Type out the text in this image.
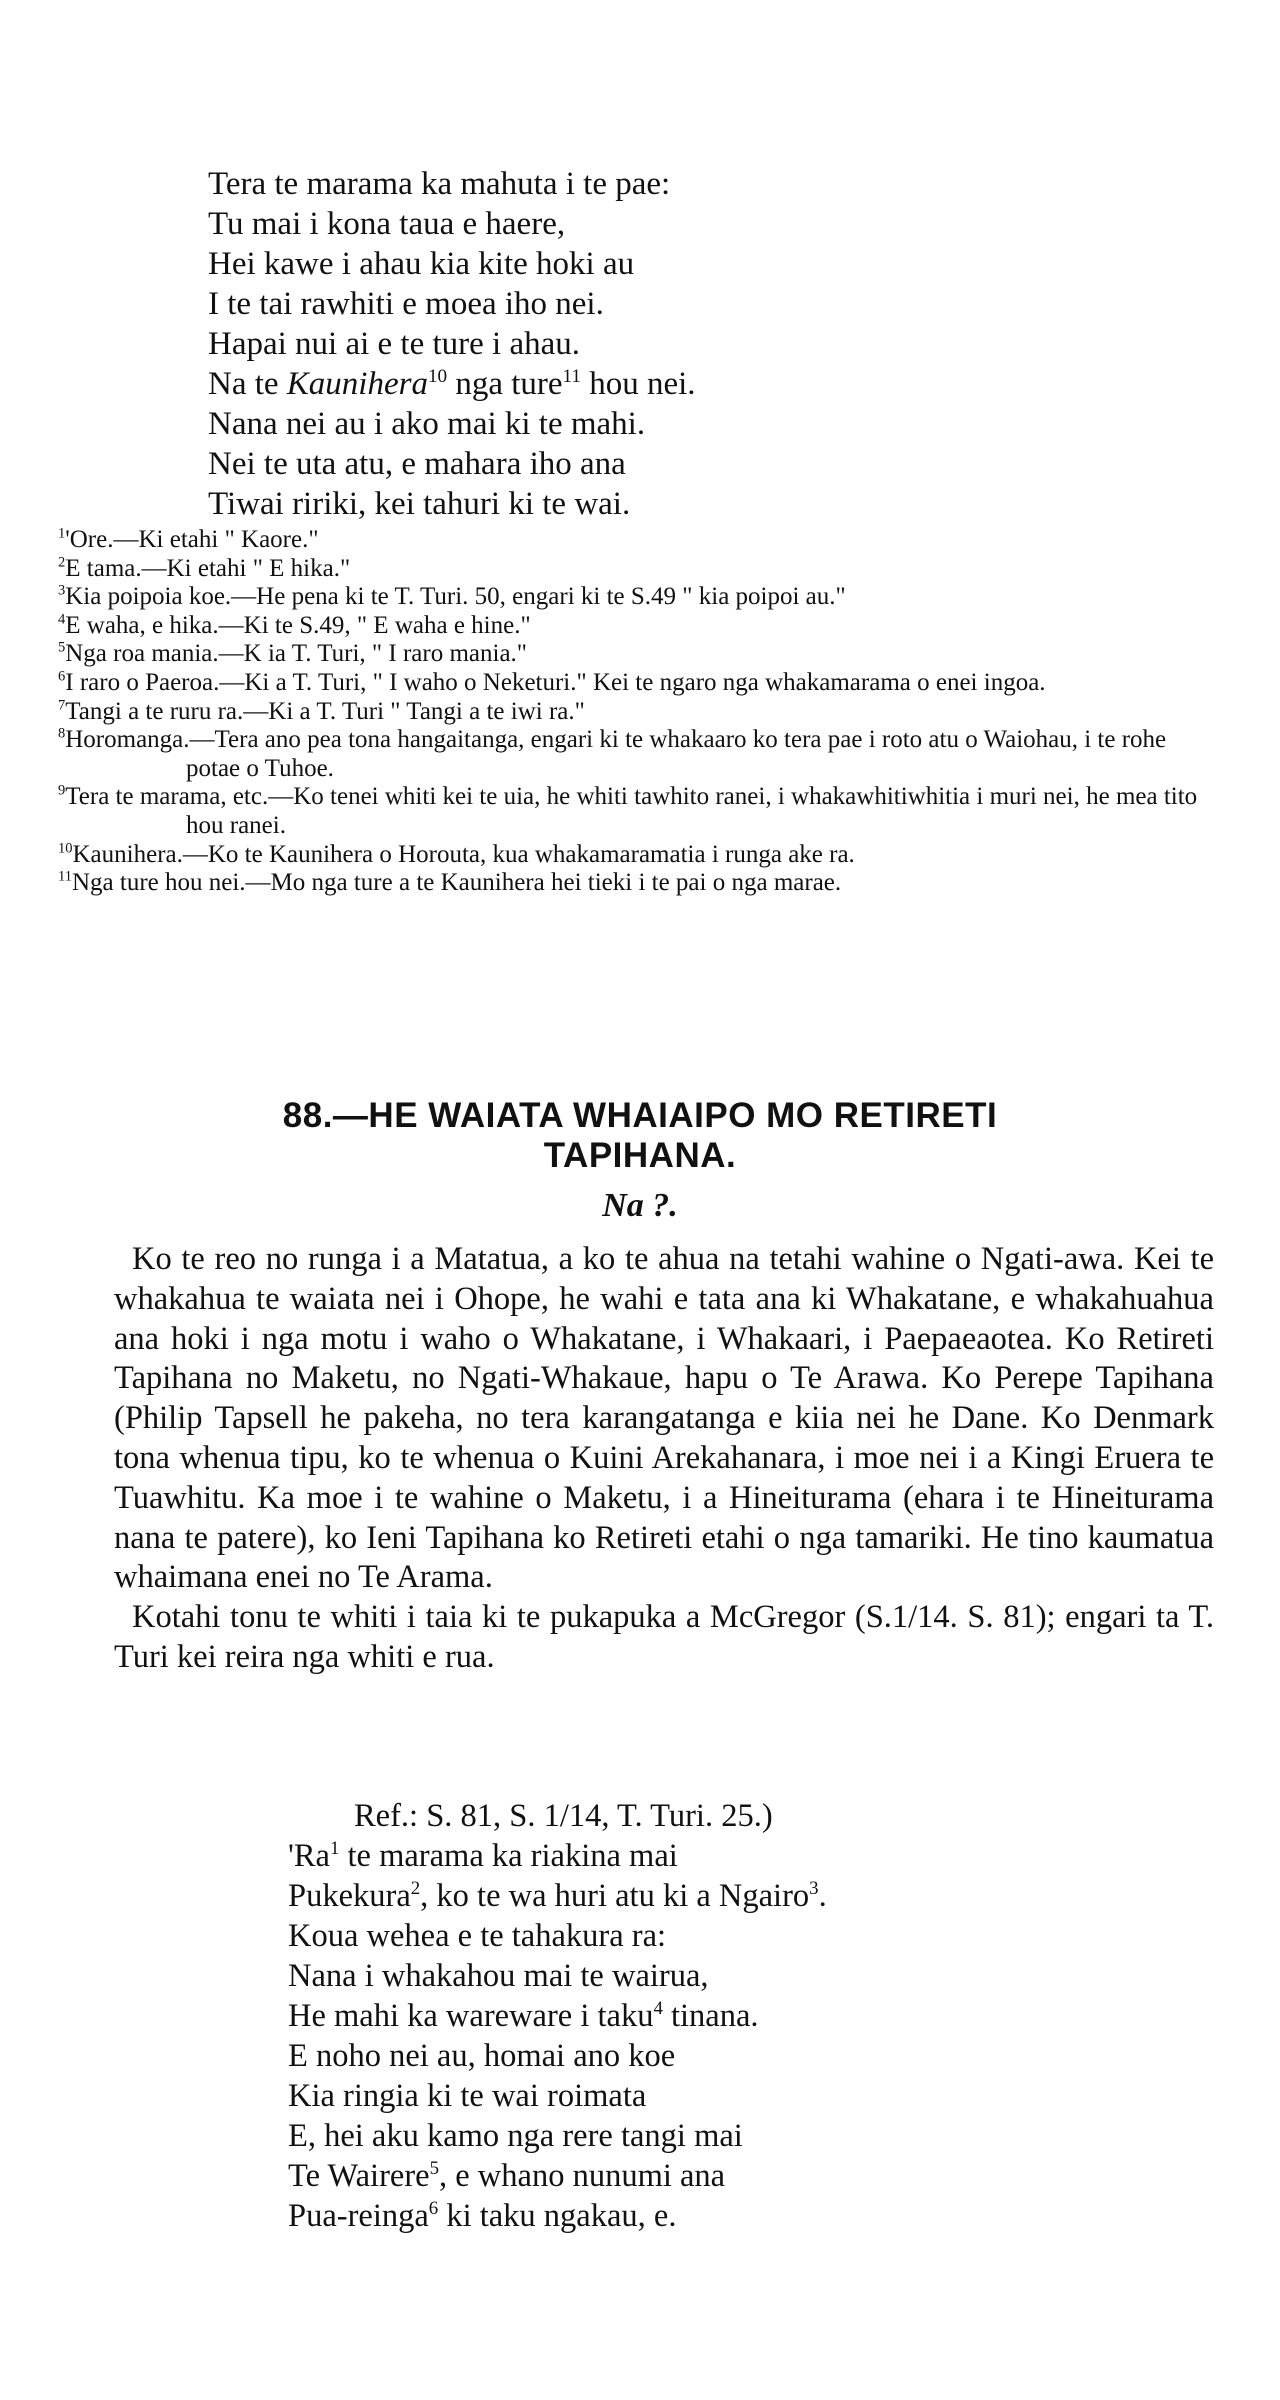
Tera te marama ka mahuta i te pae:
Tu mai i kona taua e haere,
Hei kawe i ahau kia kite hoki au
I te tai rawhiti e moea iho nei.
Hapai nui ai e te ture i ahau.
Na te Kaunihera$^{10}$ nga ture$^{11}$ hou nei.
Nana nei au i ako mai ki te mahi.
Nei te uta atu, e mahara iho ana
Tiwai ririki, kei tahuri ki te wai.
$^1$'Ore.—Ki etahi " Kaore."
$^2$E tama.—Ki etahi " E hika."
$^3$Kia poipoia koe.—He pena ki te T. Turi. 50, engari ki te S.49 " kia poipoi au."
$^4$E waha, e hika.—Ki te S.49, " E waha e hine."
$^5$Nga roa mania.—K ia T. Turi, " I raro mania."
$^6$I raro o Paeroa.—Ki a T. Turi, " I waho o Neketuri." Kei te ngaro nga whakamarama o enei ingoa.
$^7$Tangi a te ruru ra.—Ki a T. Turi " Tangi a te iwi ra."
$^8$Horomanga.—Tera ano pea tona hangaitanga, engari ki te whakaaro ko tera pae i roto atu o Waiohau, i te rohe potae o Tuhoe.
$^9$Tera te marama, etc.—Ko tenei whiti kei te uia, he whiti tawhito ranei, i whakawhitiwhitia i muri nei, he mea tito hou ranei.
$^{10}$Kaunihera.—Ko te Kaunihera o Horouta, kua whakamaramatia i runga ake ra.
$^{11}$Nga ture hou nei.—Mo nga ture a te Kaunihera hei tieki i te pai o nga marae.
88.—HE WAIATA WHAIAIPO MO RETIRETI
TAPIHANA.
Na ?.

Ko te reo no runga i a Matatua, a ko te ahua na tetahi wahine o Ngati-awa. Kei te whakahua te waiata nei i Ohope, he wahi e tata ana ki Whakatane, e whakahuahua ana hoki i nga motu i waho o Whakatane, i Whakaari, i Paepaeaotea. Ko Retireti Tapihana no Maketu, no Ngati-Whakaue, hapu o Te Arawa. Ko Perepe Tapihana (Philip Tapsell he pakeha, no tera karangatanga e kiia nei he Dane. Ko Denmark tona whenua tipu, ko te whenua o Kuini Arekahanara, i moe nei i a Kingi Eruera te Tuawhitu. Ka moe i te wahine o Maketu, i a Hineiturama (ehara i te Hineiturama nana te patere), ko Ieni Tapihana ko Retireti etahi o nga tamariki. He tino kaumatua whaimana enei no Te Arama.

Kotahi tonu te whiti i taia ki te pukapuka a McGregor (S.1/14. S. 81); engari ta T. Turi kei reira nga whiti e rua.

Ref.: S. 81, S. 1/14, T. Turi. 25.)
'Ra$^1$ te marama ka riakina mai
Pukekura$^2$, ko te wa huri atu ki a Ngairo$^3$.
Koua wehea e te tahakura ra:
Nana i whakahou mai te wairua,
He mahi ka wareware i taku$^4$ tinana.
E noho nei au, homai ano koe
Kia ringia ki te wai roimata
E, hei aku kamo nga rere tangi mai
Te Wairere$^5$, e whano nunumi ana
Pua-reinga$^6$ ki taku ngakau, e.
